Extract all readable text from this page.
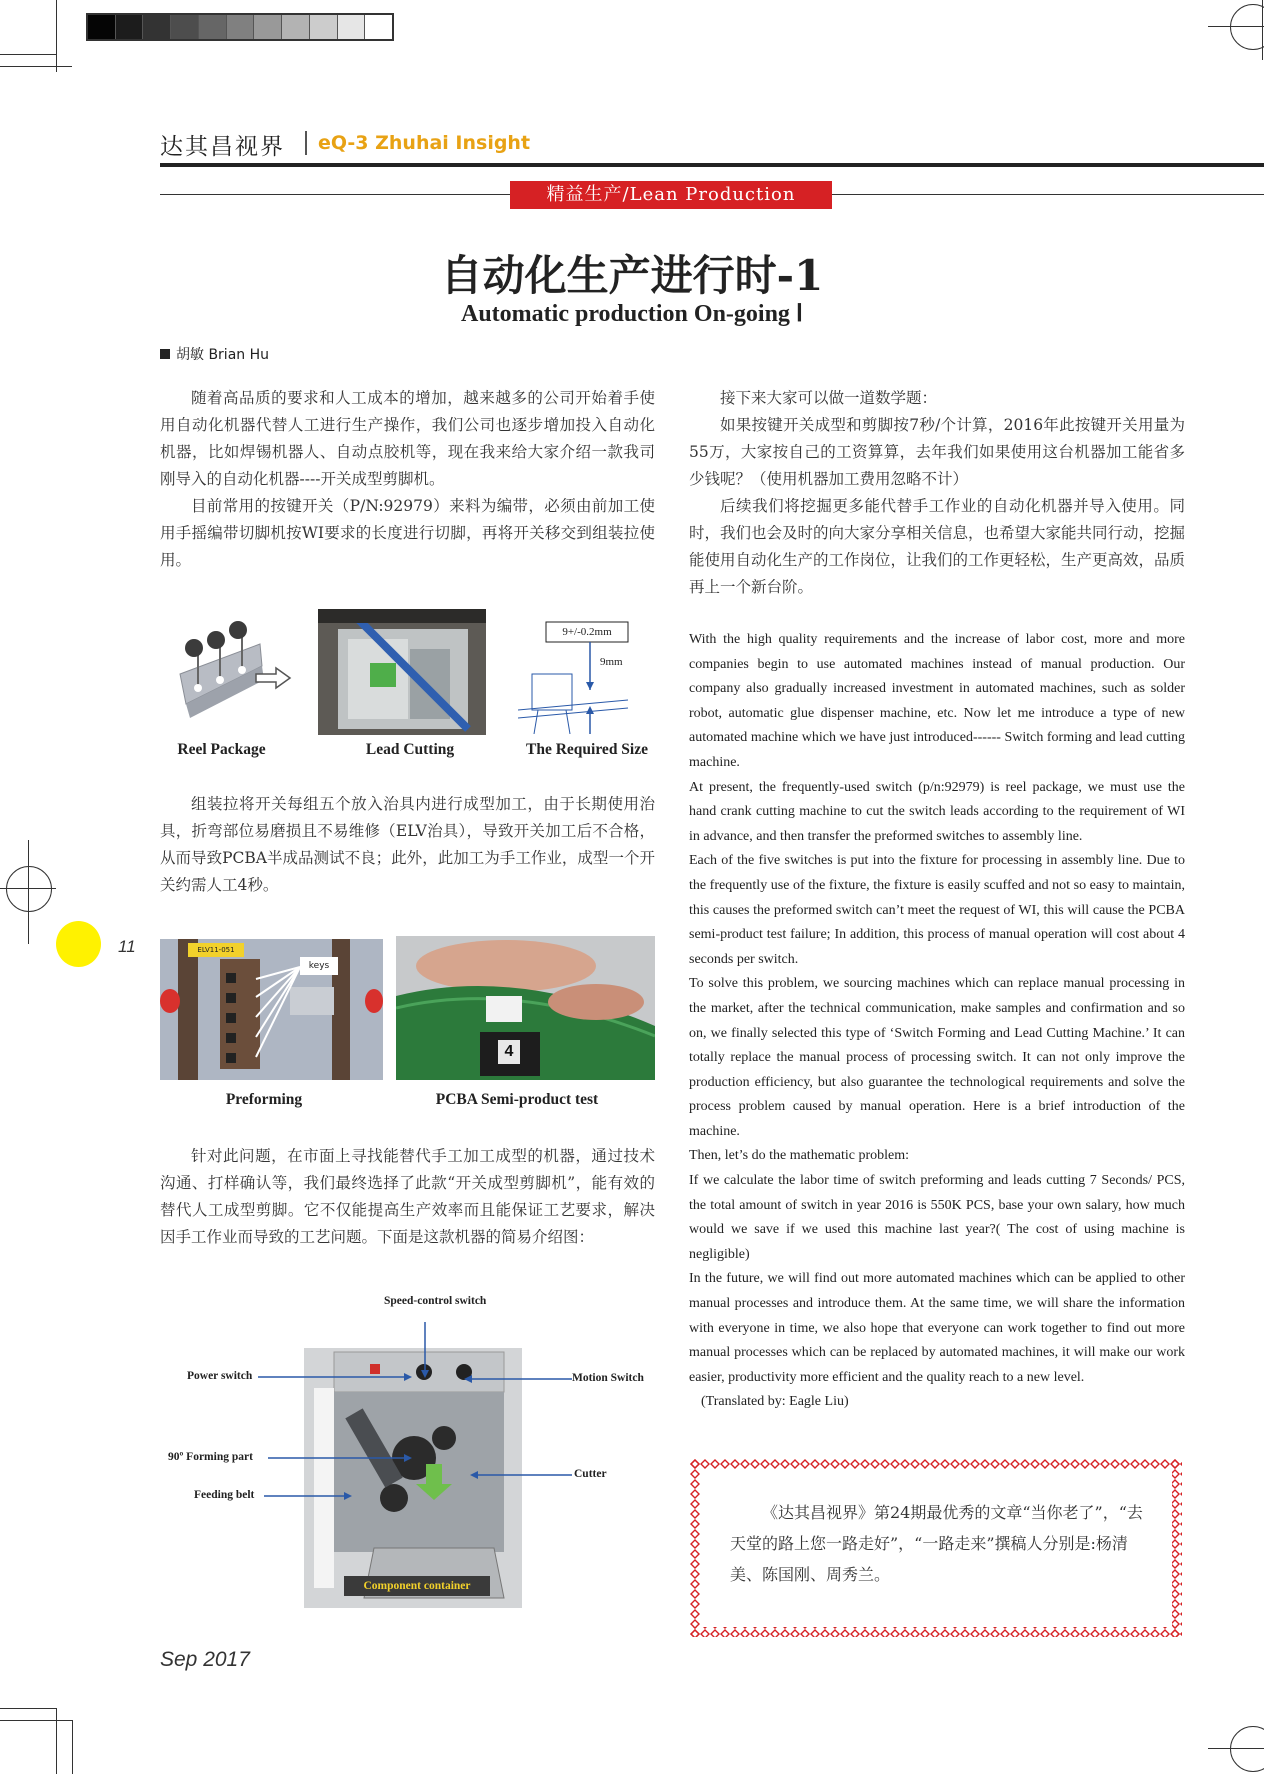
达其昌视界 eQ-3 Zhuhai Insight
精益生产/Lean Production
自动化生产进行时-1
Automatic production On-going Ⅰ
胡敏 Brian Hu

随着高品质的要求和人工成本的增加，越来越多的公司开始着手使用自动化机器代替人工进行生产操作，我们公司也逐步增加投入自动化机器，比如焊锡机器人、自动点胶机等，现在我来给大家介绍一款我司刚导入的自动化机器----开关成型剪脚机。

目前常用的按键开关（P/N:92979）来料为编带，必须由前加工使用手摇编带切脚机按WI要求的长度进行切脚，再将开关移交到组装拉使用。

9+/-0.2mm
9mm
Reel Package	Lead Cutting	The Required Size

组装拉将开关每组五个放入治具内进行成型加工，由于长期使用治具，折弯部位易磨损且不易维修（ELV治具），导致开关加工后不合格，从而导致PCBA半成品测试不良；此外，此加工为手工作业，成型一个开关约需人工4秒。

keys
ELV11-051
4
Preforming	PCBA Semi-product test

针对此问题，在市面上寻找能替代手工加工成型的机器，通过技术沟通、打样确认等，我们最终选择了此款“开关成型剪脚机”，能有效的替代人工成型剪脚。它不仅能提高生产效率而且能保证工艺要求，解决因手工作业而导致的工艺问题。下面是这款机器的简易介绍图：

Component container
Speed-control switch
Power switch	Motion Switch
90º Forming part
Cutter
Feeding belt

接下来大家可以做一道数学题：

如果按键开关成型和剪脚按7秒/个计算，2016年此按键开关用量为55万，大家按自己的工资算算，去年我们如果使用这台机器加工能省多少钱呢？（使用机器加工费用忽略不计）

后续我们将挖掘更多能代替手工作业的自动化机器并导入使用。同时，我们也会及时的向大家分享相关信息，也希望大家能共同行动，挖掘能使用自动化生产的工作岗位，让我们的工作更轻松，生产更高效，品质再上一个新台阶。

With the high quality requirements and the increase of labor cost, more and more companies begin to use automated machines instead of manual production. Our company also gradually increased investment in automated machines, such as solder robot, automatic glue dispenser machine, etc. Now let me introduce a type of new automated machine which we have just introduced------ Switch forming and lead cutting machine.

At present, the frequently-used switch (p/n:92979) is reel package, we must use the hand crank cutting machine to cut the switch leads according to the requirement of WI in advance, and then transfer the preformed switches to assembly line.

Each of the five switches is put into the fixture for processing in assembly line. Due to the frequently use of the fixture, the fixture is easily scuffed and not so easy to maintain, this causes the preformed switch can’t meet the request of WI, this will cause the PCBA semi-product test failure; In addition, this process of manual operation will cost about 4 seconds per switch.

To solve this problem, we sourcing machines which can replace manual processing in the market, after the technical communication, make samples and confirmation and so on, we finally selected this type of ‘Switch Forming and Lead Cutting Machine.’ It can totally replace the manual process of processing switch. It can not only improve the production efficiency, but also guarantee the technological requirements and solve the process problem caused by manual operation. Here is a brief introduction of the machine.

Then, let’s do the mathematic problem:

If we calculate the labor time of switch preforming and leads cutting 7 Seconds/ PCS, the total amount of switch in year 2016 is 550K PCS, base your own salary, how much would we save if we used this machine last year?( The cost of using machine is negligible)

In the future, we will find out more automated machines which can be applied to other manual processes and introduce them. At the same time, we will share the information with everyone in time, we also hope that everyone can work together to find out more manual processes which can be replaced by automated machines, it will make our work easier, productivity more efficient and the quality reach to a new level.

(Translated by: Eagle Liu)

《达其昌视界》第24期最优秀的文章“当你老了”，“去天堂的路上您一路走好”，“一路走来”撰稿人分别是:杨清美、陈国刚、周秀兰。
11
Sep 2017
